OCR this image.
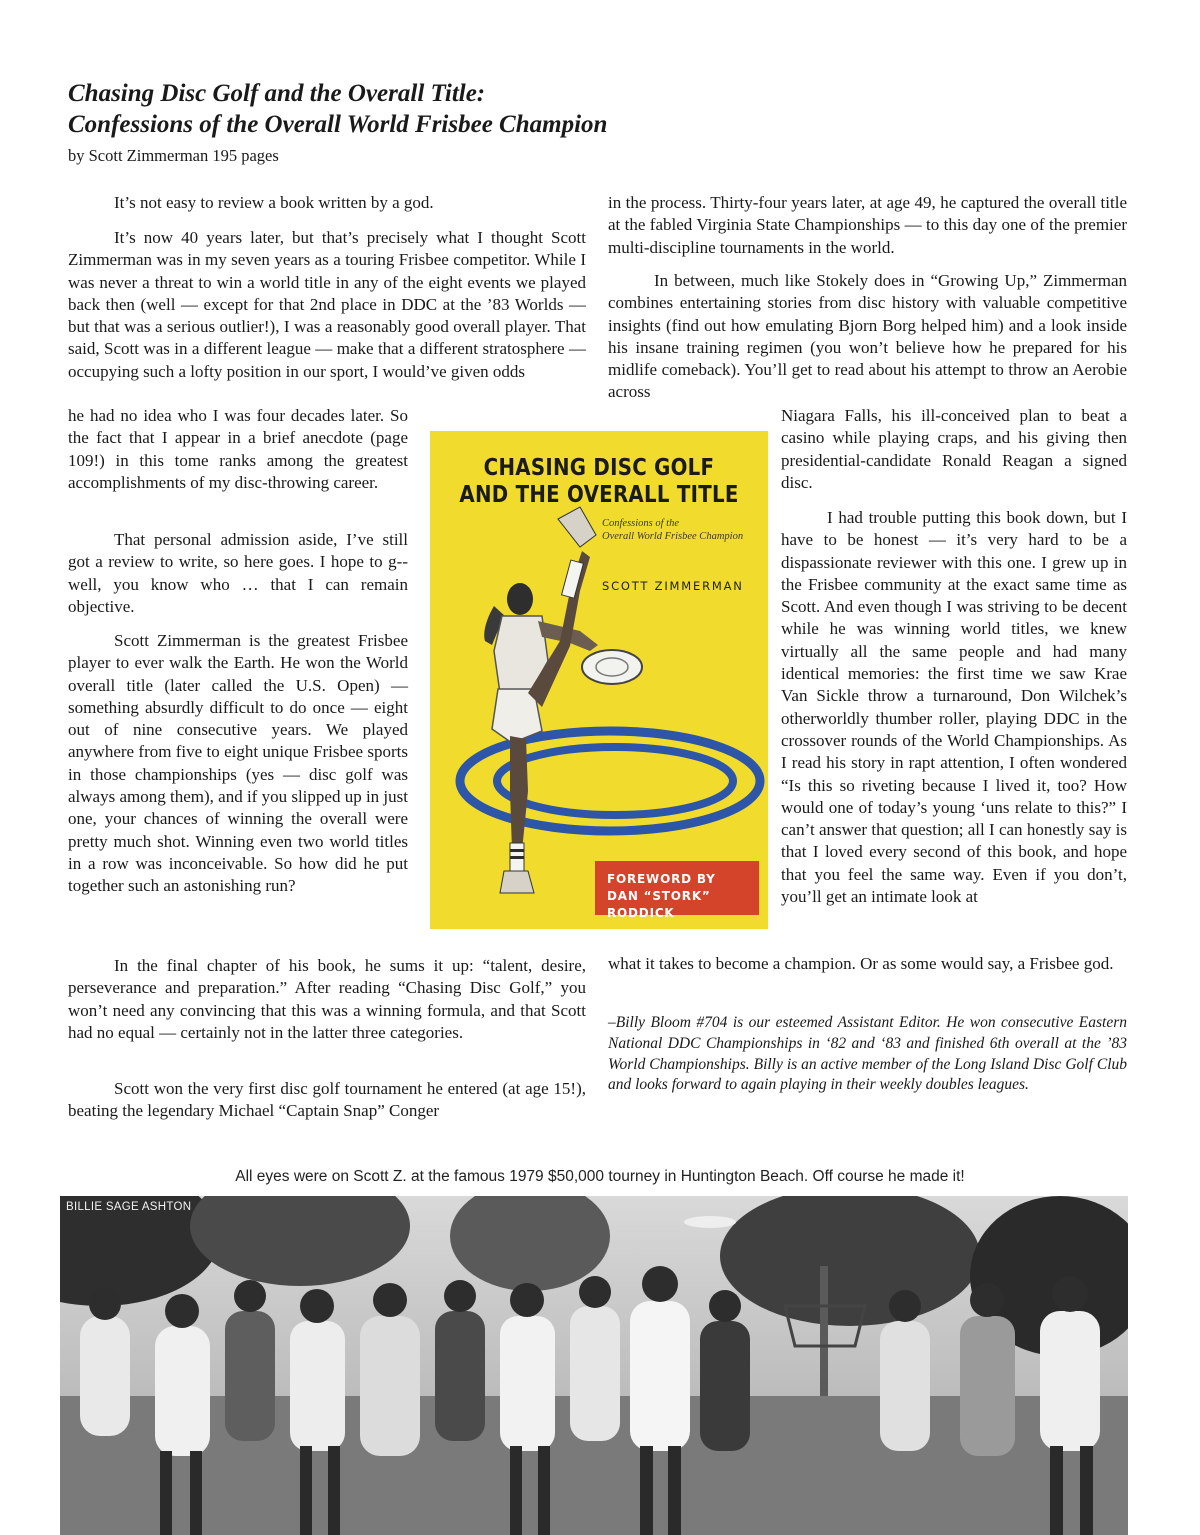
Chasing Disc Golf and the Overall Title:
Confessions of the Overall World Frisbee Champion
by Scott Zimmerman 195 pages

It’s not easy to review a book written by a god.

It’s now 40 years later, but that’s precisely what I thought Scott Zimmerman was in my seven years as a touring Frisbee competitor. While I was never a threat to win a world title in any of the eight events we played back then (well — except for that 2nd place in DDC at the ’83 Worlds — but that was a serious outlier!), I was a reasonably good overall player. That said, Scott was in a different league — make that a different stratosphere — occupying such a lofty position in our sport, I would’ve given odds

he had no idea who I was four decades later. So the fact that I appear in a brief anecdote (page 109!) in this tome ranks among the greatest accomplishments of my disc-throwing career.

That personal admission aside, I’ve still got a review to write, so here goes. I hope to g--well, you know who … that I can remain objective.

Scott Zimmerman is the greatest Frisbee player to ever walk the Earth. He won the World overall title (later called the U.S. Open) — something absurdly difficult to do once — eight out of nine consecutive years. We played anywhere from five to eight unique Frisbee sports in those championships (yes — disc golf was always among them), and if you slipped up in just one, your chances of winning the overall were pretty much shot. Winning even two world titles in a row was inconceivable. So how did he put together such an astonishing run?

In the final chapter of his book, he sums it up: “talent, desire, perseverance and preparation.” After reading “Chasing Disc Golf,” you won’t need any convincing that this was a winning formula, and that Scott had no equal — certainly not in the latter three categories.

Scott won the very first disc golf tournament he entered (at age 15!), beating the legendary Michael “Captain Snap” Conger

in the process. Thirty-four years later, at age 49, he captured the overall title at the fabled Virginia State Championships — to this day one of the premier multi-discipline tournaments in the world.

In between, much like Stokely does in “Growing Up,” Zimmerman combines entertaining stories from disc history with valuable competitive insights (find out how emulating Bjorn Borg helped him) and a look inside his insane training regimen (you won’t believe how he prepared for his midlife comeback). You’ll get to read about his attempt to throw an Aerobie across

Niagara Falls, his ill-conceived plan to beat a casino while playing craps, and his giving then presidential-candidate Ronald Reagan a signed disc.

I had trouble putting this book down, but I have to be honest — it’s very hard to be a dispassionate reviewer with this one. I grew up in the Frisbee community at the exact same time as Scott. And even though I was striving to be decent while he was winning world titles, we knew virtually all the same people and had many identical memories: the first time we saw Krae Van Sickle throw a turnaround, Don Wilchek’s otherworldly thumber roller, playing DDC in the crossover rounds of the World Championships. As I read his story in rapt attention, I often wondered “Is this so riveting because I lived it, too? How would one of today’s young ‘uns relate to this?” I can’t answer that question; all I can honestly say is that I loved every second of this book, and hope that you feel the same way. Even if you don’t, you’ll get an intimate look at

what it takes to become a champion. Or as some would say, a Frisbee god.

–Billy Bloom #704 is our esteemed Assistant Editor. He won consecutive Eastern National DDC Championships in ‘82 and ‘83 and finished 6th overall at the ’83 World Championships. Billy is an active member of the Long Island Disc Golf Club and looks forward to again playing in their weekly doubles leagues.

CHASING DISC GOLF
AND THE OVERALL TITLE
Confessions of the
Overall World Frisbee Champion
SCOTT ZIMMERMAN
FOREWORD BY
DAN “STORK” RODDICK
All eyes were on Scott Z. at the famous 1979 $50,000 tourney in Huntington Beach. Off course he made it!
BILLIE SAGE ASHTON
